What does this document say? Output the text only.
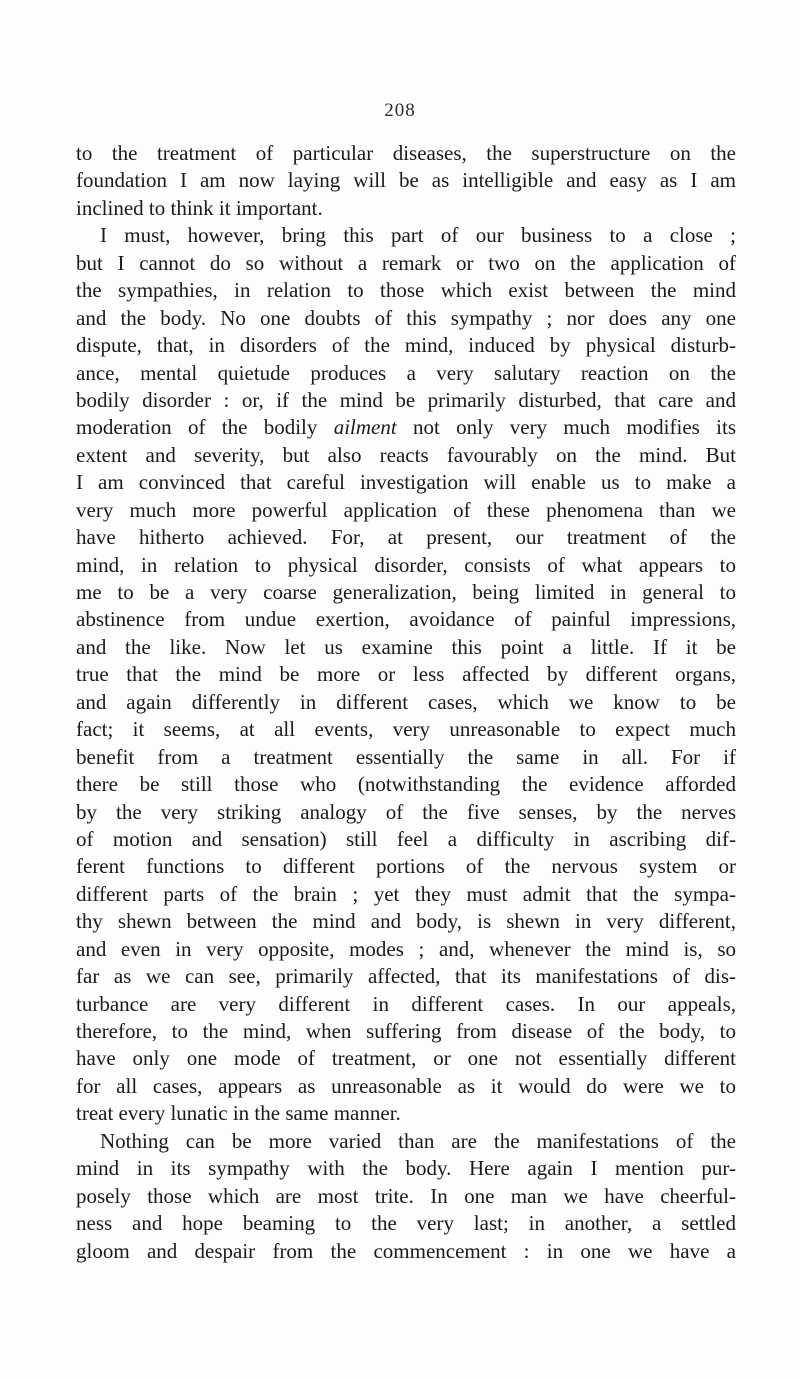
208
to the treatment of particular diseases, the superstructure on the
foundation I am now laying will be as intelligible and easy as I am
inclined to think it important.
I must, however, bring this part of our business to a close ;
but I cannot do so without a remark or two on the application of
the sympathies, in relation to those which exist between the mind
and the body. No one doubts of this sympathy ; nor does any one
dispute, that, in disorders of the mind, induced by physical disturb-
ance, mental quietude produces a very salutary reaction on the
bodily disorder : or, if the mind be primarily disturbed, that care and
moderation of the bodily ailment not only very much modifies its
extent and severity, but also reacts favourably on the mind. But
I am convinced that careful investigation will enable us to make a
very much more powerful application of these phenomena than we
have hitherto achieved. For, at present, our treatment of the
mind, in relation to physical disorder, consists of what appears to
me to be a very coarse generalization, being limited in general to
abstinence from undue exertion, avoidance of painful impressions,
and the like. Now let us examine this point a little. If it be
true that the mind be more or less affected by different organs,
and again differently in different cases, which we know to be
fact; it seems, at all events, very unreasonable to expect much
benefit from a treatment essentially the same in all. For if
there be still those who (notwithstanding the evidence afforded
by the very striking analogy of the five senses, by the nerves
of motion and sensation) still feel a difficulty in ascribing dif-
ferent functions to different portions of the nervous system or
different parts of the brain ; yet they must admit that the sympa-
thy shewn between the mind and body, is shewn in very different,
and even in very opposite, modes ; and, whenever the mind is, so
far as we can see, primarily affected, that its manifestations of dis-
turbance are very different in different cases. In our appeals,
therefore, to the mind, when suffering from disease of the body, to
have only one mode of treatment, or one not essentially different
for all cases, appears as unreasonable as it would do were we to
treat every lunatic in the same manner.
Nothing can be more varied than are the manifestations of the
mind in its sympathy with the body. Here again I mention pur-
posely those which are most trite. In one man we have cheerful-
ness and hope beaming to the very last; in another, a settled
gloom and despair from the commencement : in one we have a
